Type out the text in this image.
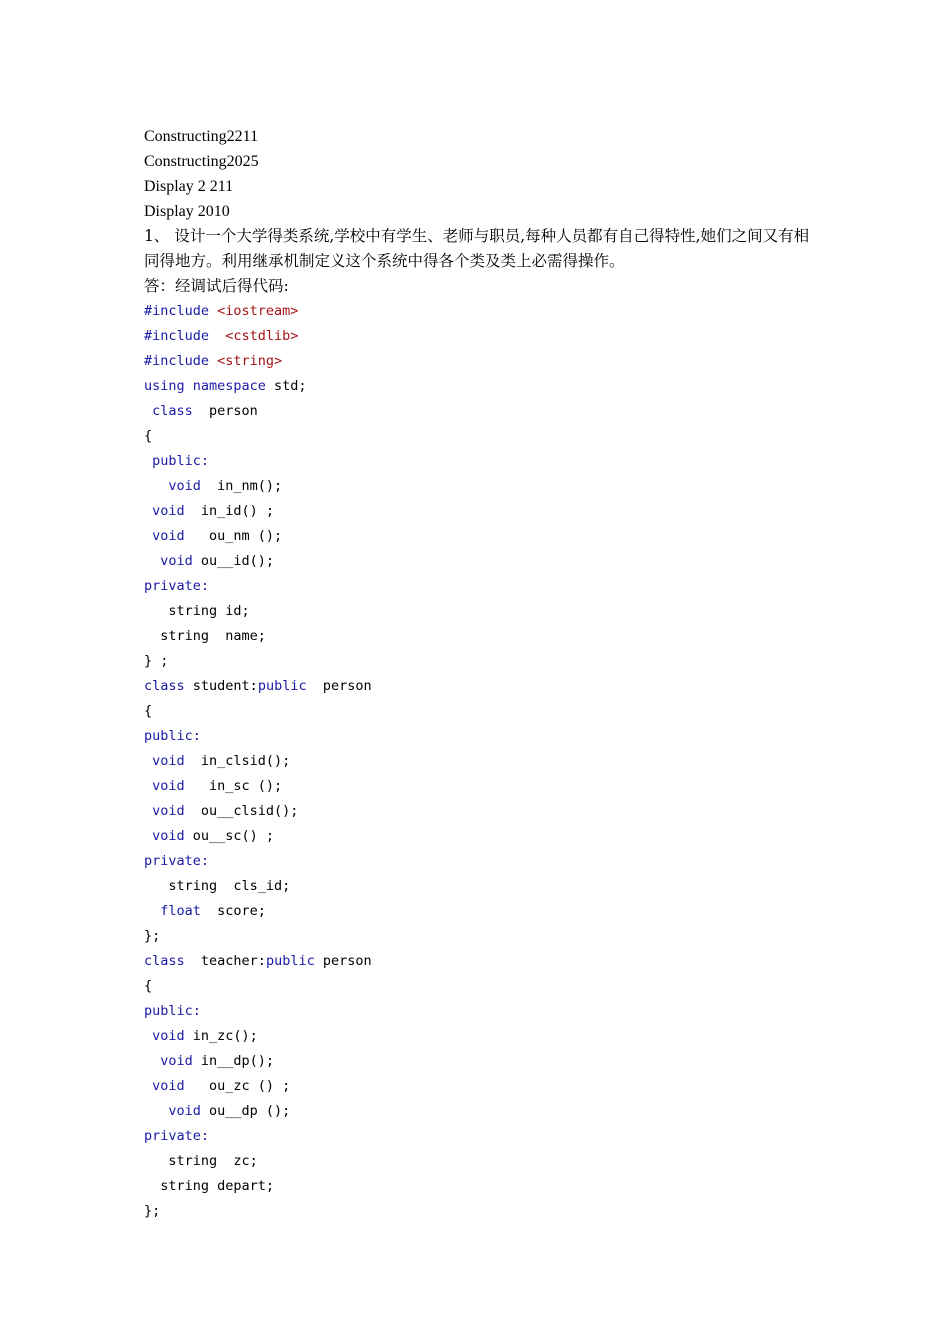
Constructing2211
Constructing2025
Display 2 211
Display 2010
1、 设计一个大学得类系统,学校中有学生、老师与职员,每种人员都有自己得特性,她们之间又有相同得地方。利用继承机制定义这个系统中得各个类及类上必需得操作。
答：经调试后得代码:
#include <iostream>
#include  <cstdlib>
#include <string>
using namespace std;
class  person
{
public:
void  in_nm();
void  in_id() ;
void   ou_nm ();
void ou__id();
private:
string id;
string  name;
} ;
class student:public  person
{
public:
void  in_clsid();
void   in_sc ();
void  ou__clsid();
void ou__sc() ;
private:
string  cls_id;
float  score;
};
class  teacher:public person
{
public:
void in_zc();
void in__dp();
void   ou_zc () ;
void ou__dp ();
private:
string  zc;
string depart;
};
